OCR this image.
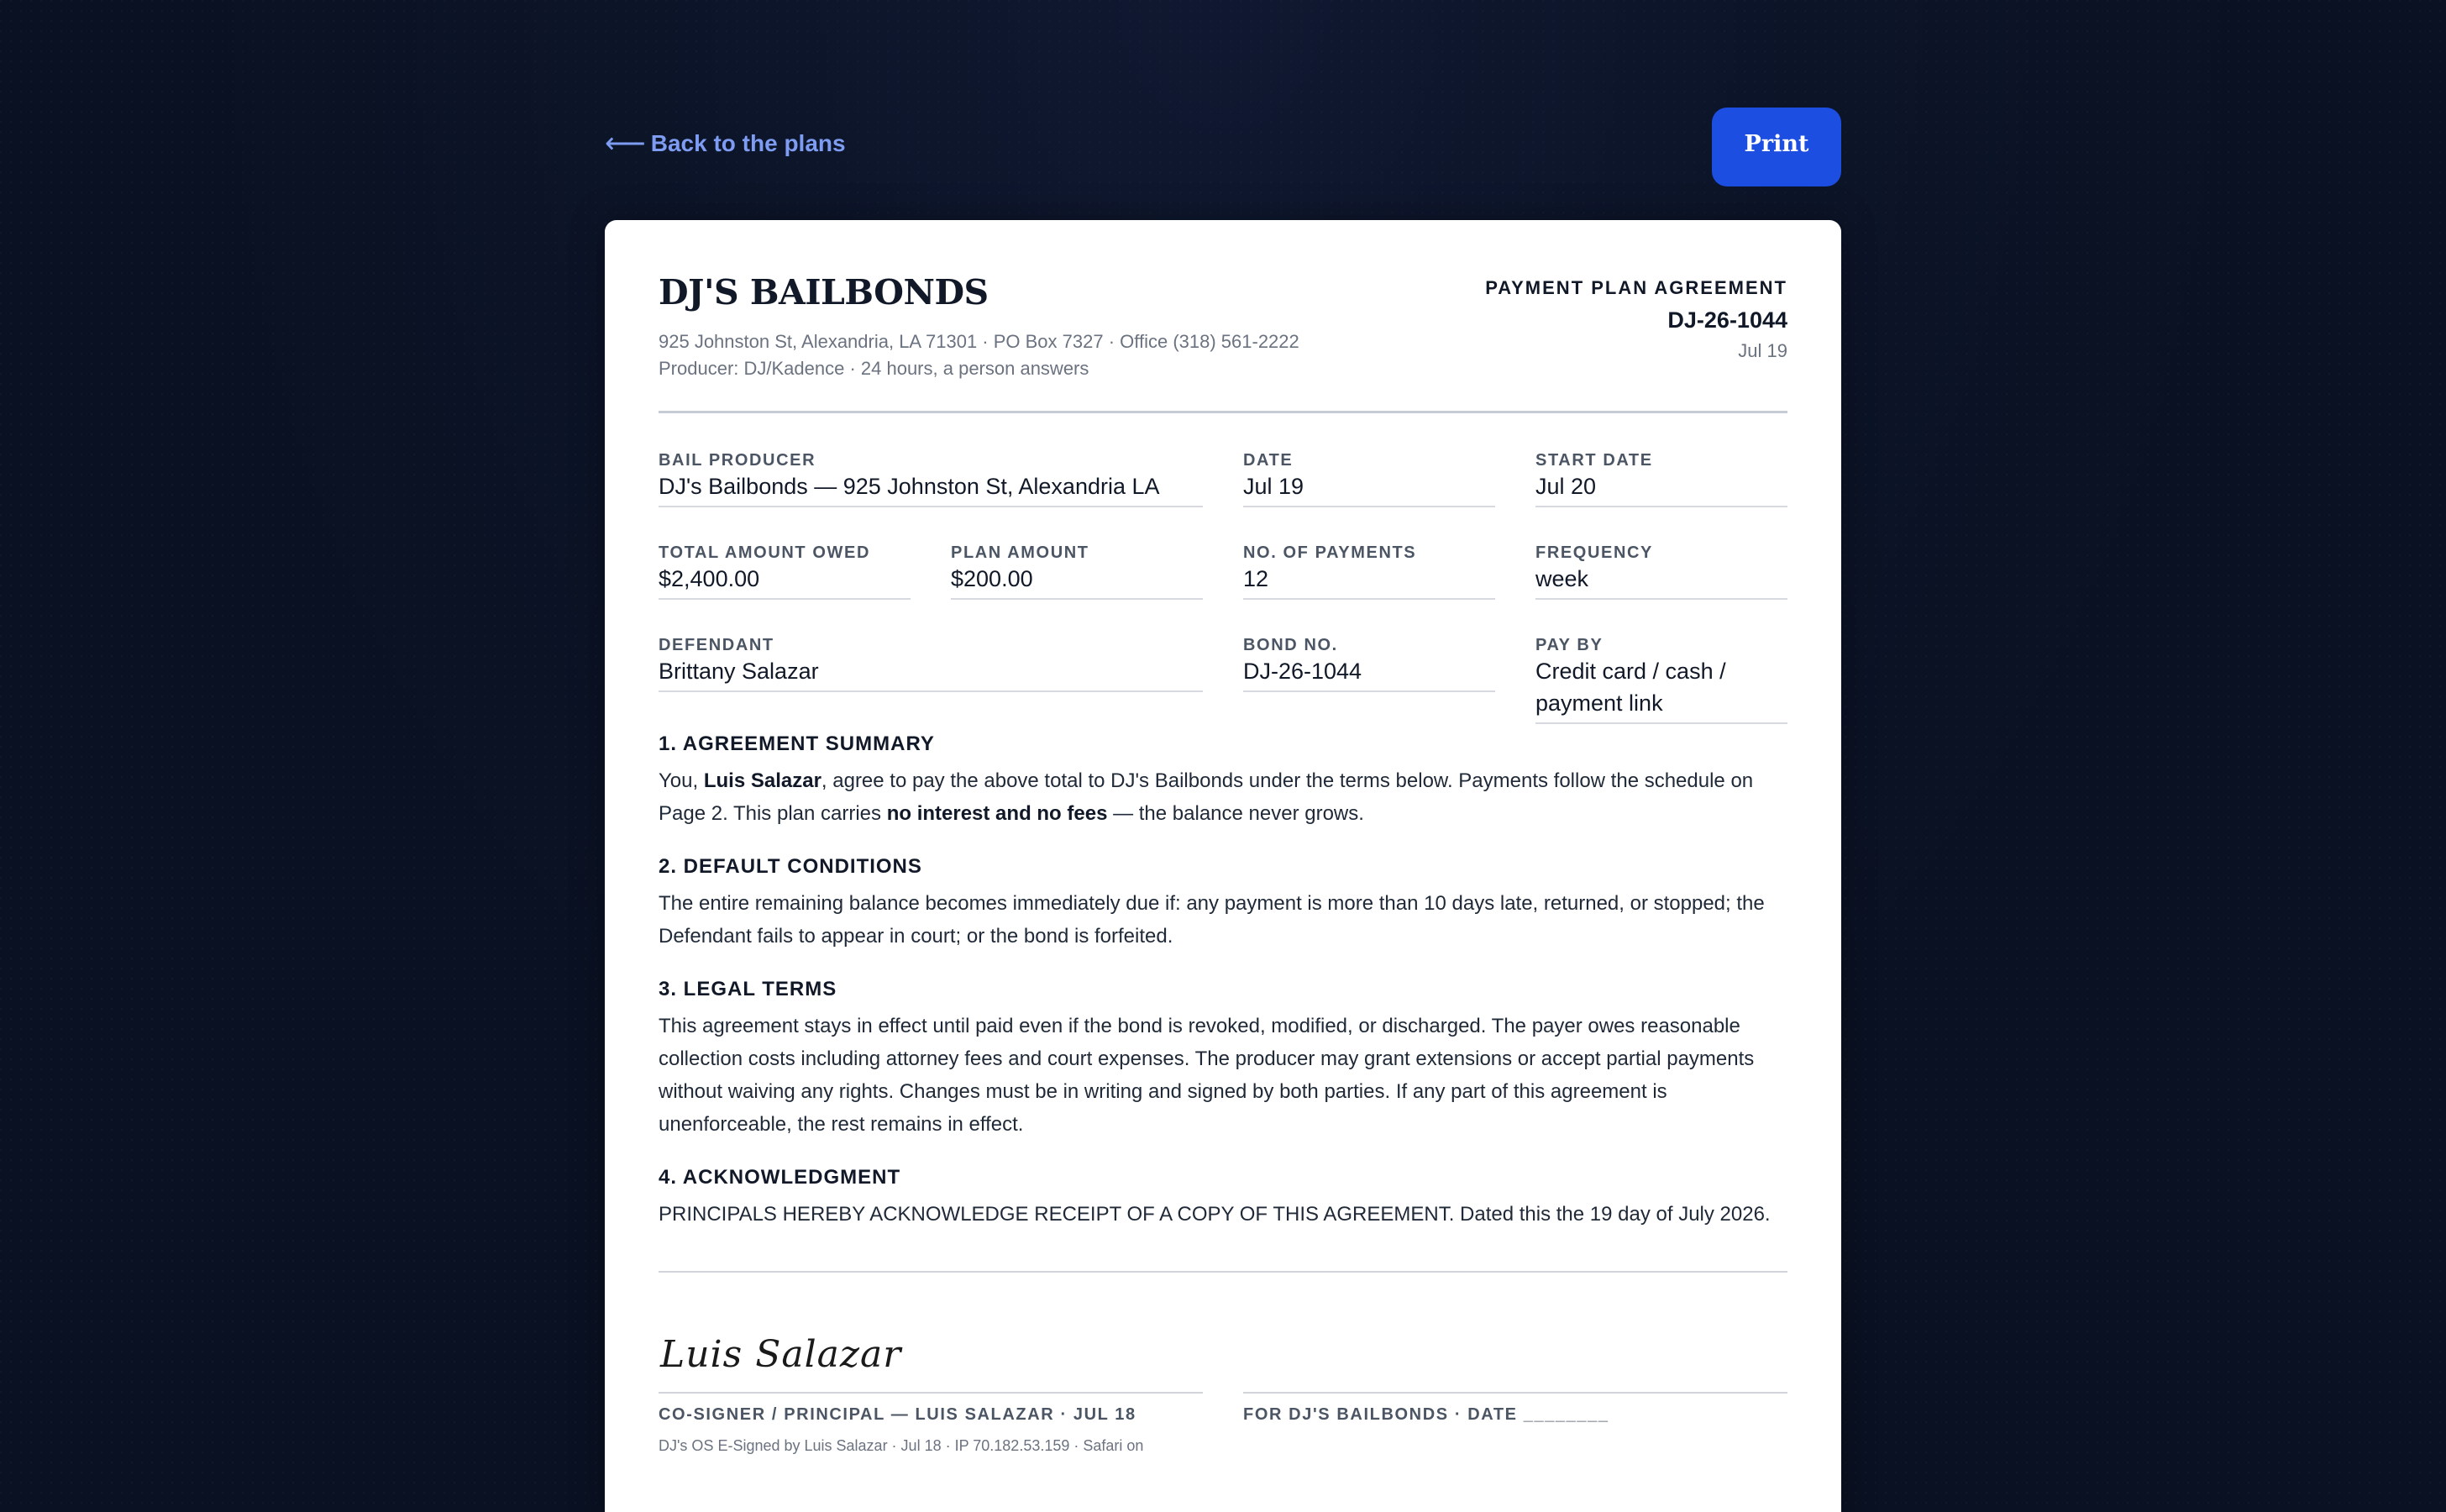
⟵ Back to the plans	Print
DJ'S BAILBONDS
925 Johnston St, Alexandria, LA 71301 · PO Box 7327 · Office (318) 561-2222
Producer: DJ/Kadence · 24 hours, a person answers
PAYMENT PLAN AGREEMENT
DJ-26-1044
Jul 19
BAIL PRODUCER
DJ's Bailbonds — 925 Johnston St, Alexandria LA
DATE
Jul 19
START DATE
Jul 20
TOTAL AMOUNT OWED
$2,400.00
PLAN AMOUNT
$200.00
NO. OF PAYMENTS
12
FREQUENCY
week
DEFENDANT
Brittany Salazar
BOND NO.
DJ-26-1044
PAY BY
Credit card / cash / payment link
1. AGREEMENT SUMMARY

You, Luis Salazar, agree to pay the above total to DJ's Bailbonds under the terms below. Payments follow the schedule on Page 2. This plan carries no interest and no fees — the balance never grows.

2. DEFAULT CONDITIONS

The entire remaining balance becomes immediately due if: any payment is more than 10 days late, returned, or stopped; the Defendant fails to appear in court; or the bond is forfeited.

3. LEGAL TERMS

This agreement stays in effect until paid even if the bond is revoked, modified, or discharged. The payer owes reasonable collection costs including attorney fees and court expenses. The producer may grant extensions or accept partial payments without waiving any rights. Changes must be in writing and signed by both parties. If any part of this agreement is unenforceable, the rest remains in effect.

4. ACKNOWLEDGMENT

PRINCIPALS HEREBY ACKNOWLEDGE RECEIPT OF A COPY OF THIS AGREEMENT. Dated this the 19 day of July 2026.

Luis Salazar
CO-SIGNER / PRINCIPAL — LUIS SALAZAR · JUL 18	FOR DJ'S BAILBONDS · DATE ________
DJ's OS E-Signed by Luis Salazar · Jul 18 · IP 70.182.53.159 · Safari on
